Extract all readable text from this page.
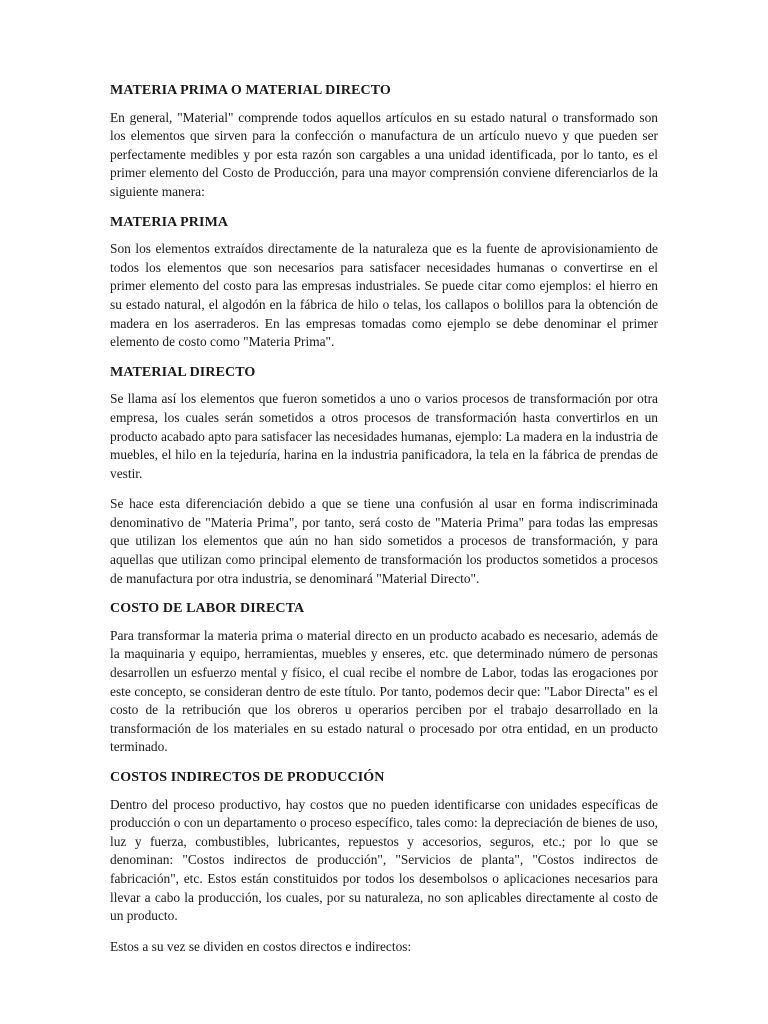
MATERIA PRIMA O MATERIAL DIRECTO

En general, "Material" comprende todos aquellos artículos en su estado natural o transformado son los elementos que sirven para la confección o manufactura de un artículo nuevo y que pueden ser perfectamente medibles y por esta razón son cargables a una unidad identificada, por lo tanto, es el primer elemento del Costo de Producción, para una mayor comprensión conviene diferenciarlos de la siguiente manera:

MATERIA PRIMA

Son los elementos extraídos directamente de la naturaleza que es la fuente de aprovisionamiento de todos los elementos que son necesarios para satisfacer necesidades humanas o convertirse en el primer elemento del costo para las empresas industriales. Se puede citar como ejemplos: el hierro en su estado natural, el algodón en la fábrica de hilo o telas, los callapos o bolillos para la obtención de madera en los aserraderos. En las empresas tomadas como ejemplo se debe denominar el primer elemento de costo como "Materia Prima".

MATERIAL DIRECTO

Se llama así los elementos que fueron sometidos a uno o varios procesos de transformación por otra empresa, los cuales serán sometidos a otros procesos de transformación hasta convertirlos en un producto acabado apto para satisfacer las necesidades humanas, ejemplo: La madera en la industria de muebles, el hilo en la tejeduría, harina en la industria panificadora, la tela en la fábrica de prendas de vestir.

Se hace esta diferenciación debido a que se tiene una confusión al usar en forma indiscriminada denominativo de "Materia Prima", por tanto, será costo de "Materia Prima" para todas las empresas que utilizan los elementos que aún no han sido sometidos a procesos de transformación, y para aquellas que utilizan como principal elemento de transformación los productos sometidos a procesos de manufactura por otra industria, se denominará "Material Directo".

COSTO DE LABOR DIRECTA

Para transformar la materia prima o material directo en un producto acabado es necesario, además de la maquinaria y equipo, herramientas, muebles y enseres, etc. que determinado número de personas desarrollen un esfuerzo mental y físico, el cual recibe el nombre de Labor, todas las erogaciones por este concepto, se consideran dentro de este título. Por tanto, podemos decir que: "Labor Directa" es el costo de la retribución que los obreros u operarios perciben por el trabajo desarrollado en la transformación de los materiales en su estado natural o procesado por otra entidad, en un producto terminado.

COSTOS INDIRECTOS DE PRODUCCIÓN

Dentro del proceso productivo, hay costos que no pueden identificarse con unidades específicas de producción o con un departamento o proceso específico, tales como: la depreciación de bienes de uso, luz y fuerza, combustibles, lubricantes, repuestos y accesorios, seguros, etc.; por lo que se denominan: "Costos indirectos de producción", "Servicios de planta", "Costos indirectos de fabricación", etc. Estos están constituidos por todos los desembolsos o aplicaciones necesarios para llevar a cabo la producción, los cuales, por su naturaleza, no son aplicables directamente al costo de un producto.

Estos a su vez se dividen en costos directos e indirectos:
